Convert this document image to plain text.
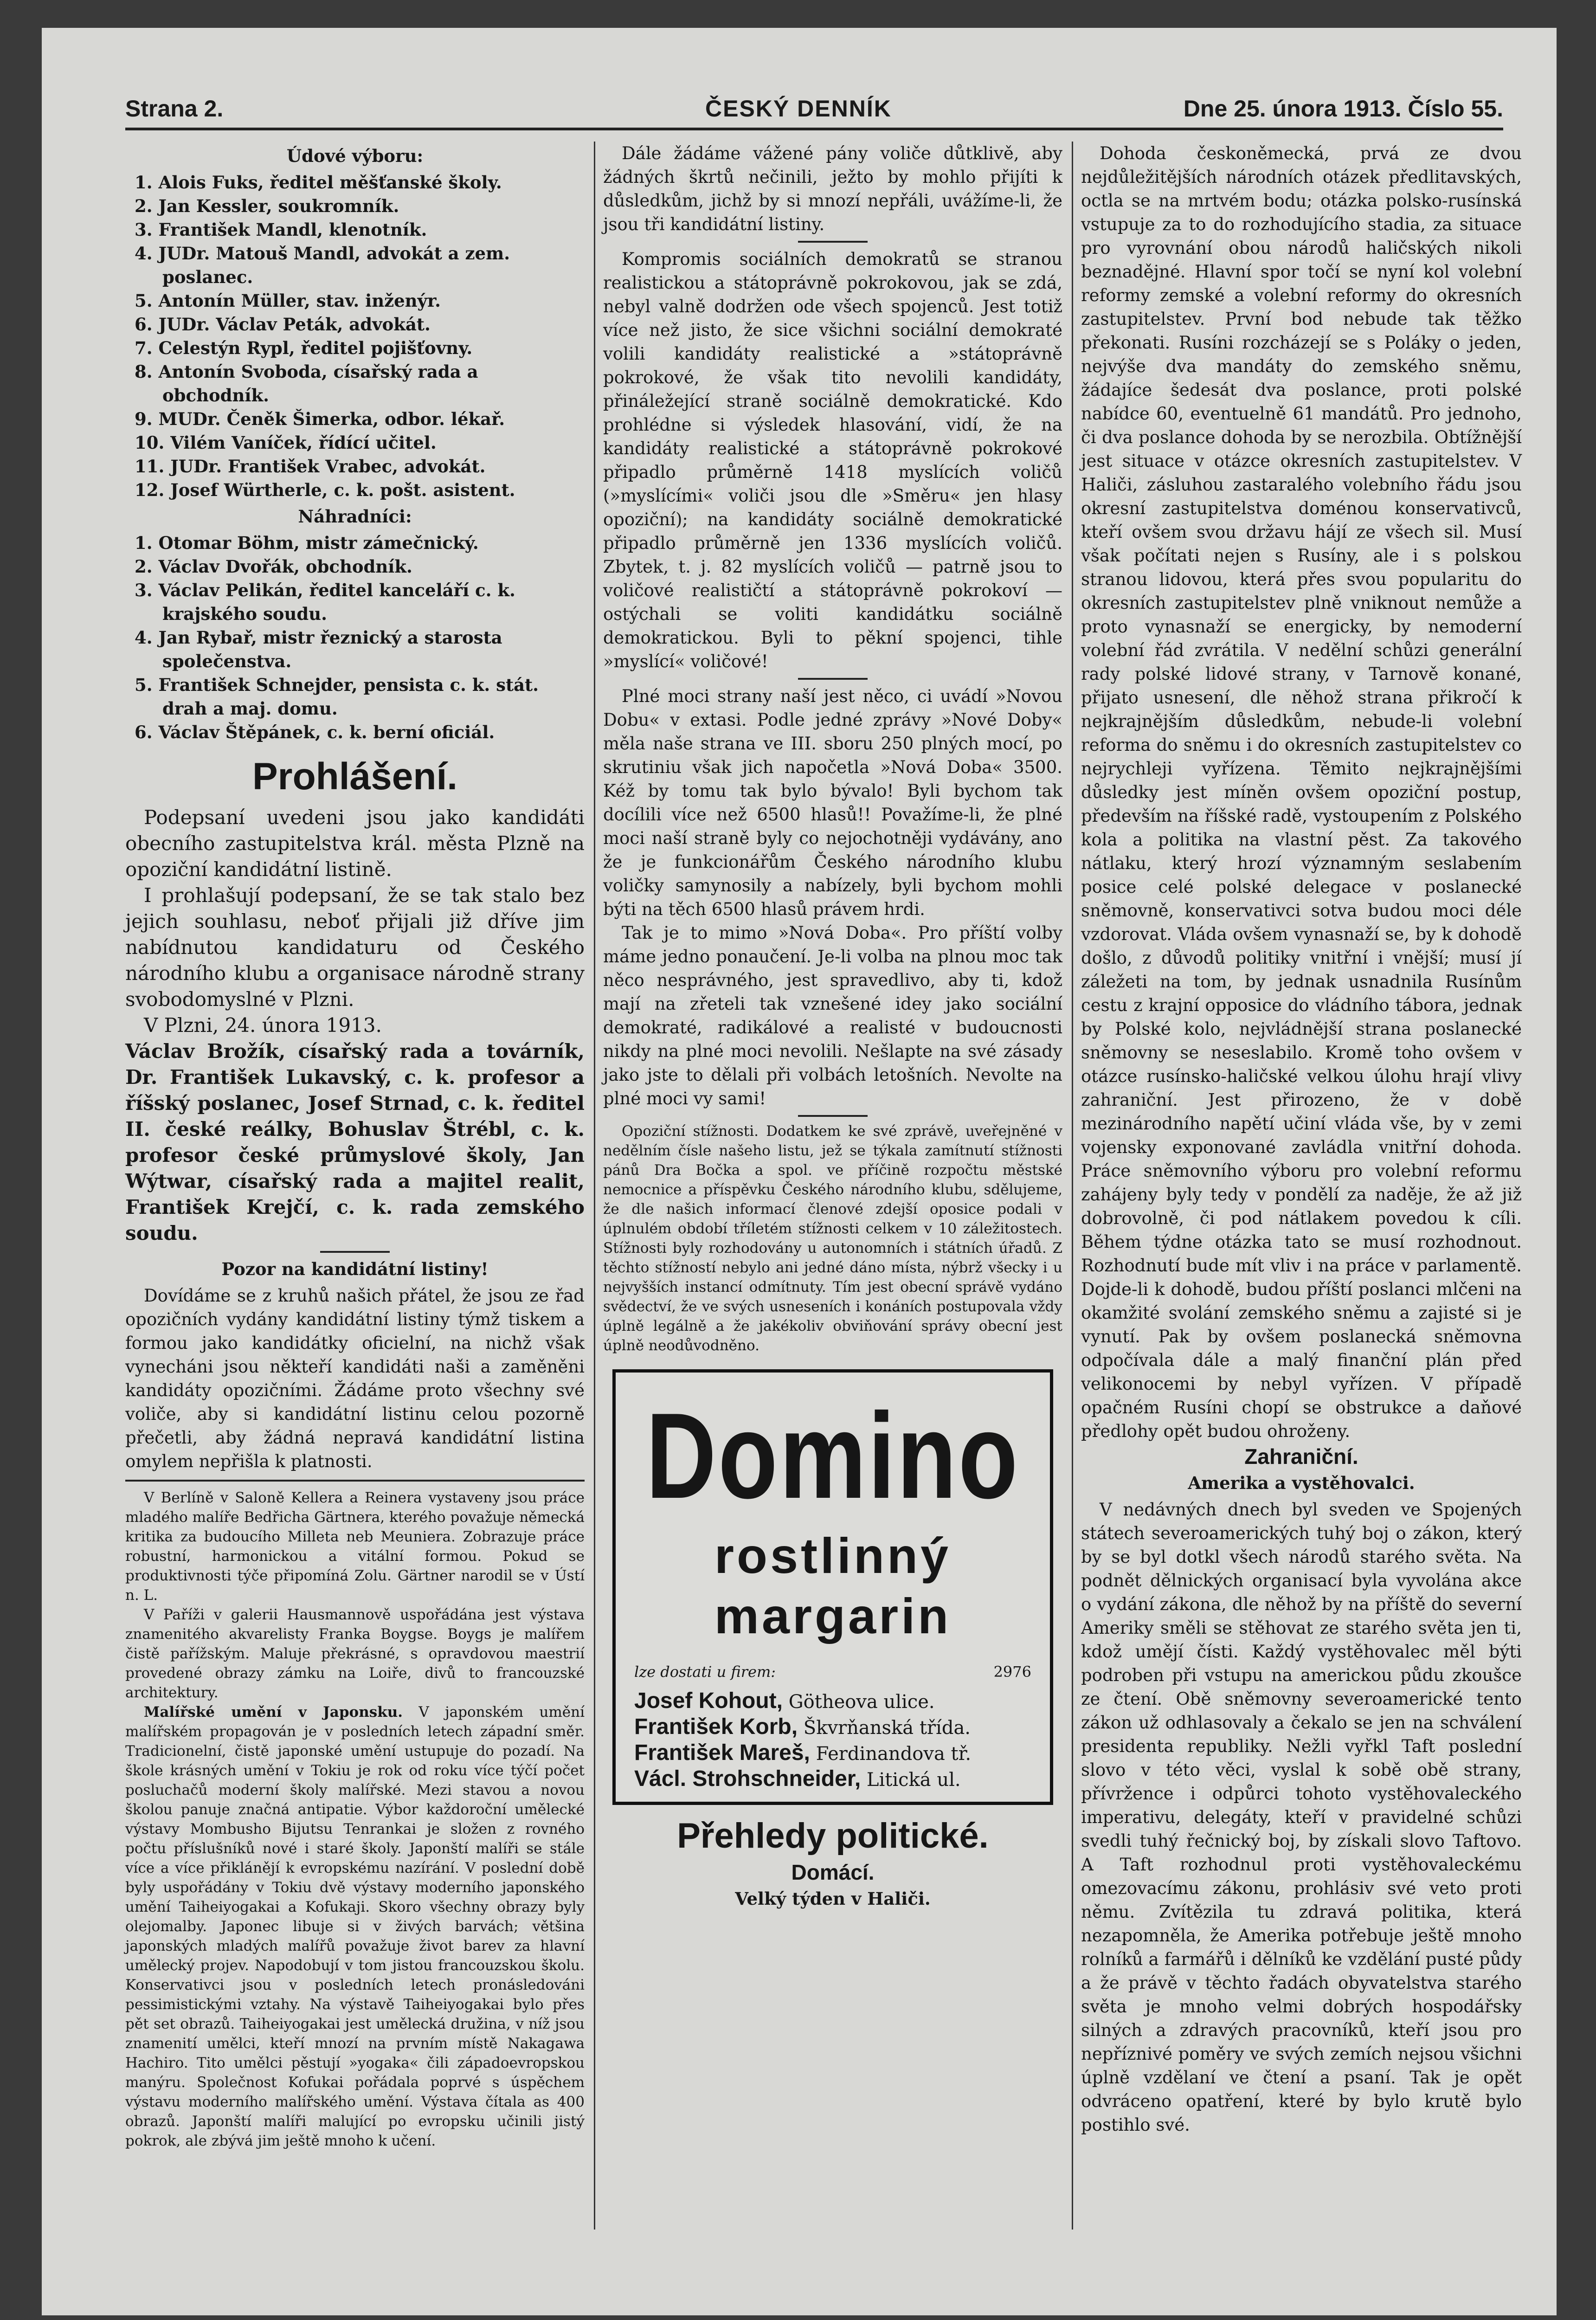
Strana 2.	ČESKÝ DENNÍK	Dne 25. února 1913. Číslo 55.

Údové výboru:

1. Alois Fuks, ředitel měšťanské školy.
2. Jan Kessler, soukromník.
3. František Mandl, klenotník.
4. JUDr. Matouš Mandl, advokát a zem. poslanec.
5. Antonín Müller, stav. inženýr.
6. JUDr. Václav Peták, advokát.
7. Celestýn Rypl, ředitel pojišťovny.
8. Antonín Svoboda, císařský rada a obchodník.
9. MUDr. Čeněk Šimerka, odbor. lékař.
10. Vilém Vaníček, řídící učitel.
11. JUDr. František Vrabec, advokát.
12. Josef Würtherle, c. k. pošt. asistent.

Náhradníci:

1. Otomar Böhm, mistr zámečnický.
2. Václav Dvořák, obchodník.
3. Václav Pelikán, ředitel kanceláří c. k. krajského soudu.
4. Jan Rybař, mistr řeznický a starosta společenstva.
5. František Schnejder, pensista c. k. stát. drah a maj. domu.
6. Václav Štěpánek, c. k. berní oficiál.
Prohlášení.

Podepsaní uvedeni jsou jako kandidáti obecního zastupitelstva král. města Plzně na opoziční kandidátní listině.

I prohlašují podepsaní, že se tak stalo bez jejich souhlasu, neboť přijali již dříve jim nabídnutou kandidaturu od Českého národního klubu a organisace národně strany svobodomyslné v Plzni.

V Plzni, 24. února 1913.

Václav Brožík, císařský rada a továrník, Dr. František Lukavský, c. k. profesor a říšský poslanec, Josef Strnad, c. k. ředitel II. české reálky, Bohuslav Štrébl, c. k. profesor české průmyslové školy, Jan Wýtwar, císařský rada a majitel realit, František Krejčí, c. k. rada zemského soudu.

Pozor na kandidátní listiny!

Dovídáme se z kruhů našich přátel, že jsou ze řad opozičních vydány kandidátní listiny týmž tiskem a formou jako kandidátky oficielní, na nichž však vynecháni jsou někteří kandidáti naši a zaměněni kandidáty opozičními. Žádáme proto všechny své voliče, aby si kandidátní listinu celou pozorně přečetli, aby žádná nepravá kandidátní listina omylem nepřišla k platnosti.

V Berlíně v Saloně Kellera a Reinera vystaveny jsou práce mladého malíře Bedřicha Gärtnera, kterého považuje německá kritika za budoucího Milleta neb Meuniera. Zobrazuje práce robustní, harmonickou a vitální formou. Pokud se produktivnosti týče připomíná Zolu. Gärtner narodil se v Ústí n. L.

V Paříži v galerii Hausmannově uspořádána jest výstava znamenitého akvarelisty Franka Boygse. Boygs je malířem čistě pařížským. Maluje překrásné, s opravdovou maestrií provedené obrazy zámku na Loiře, divů to francouzské architektury.

Malířské umění v Japonsku. V japonském umění malířském propagován je v posledních letech západní směr. Tradicionelní, čistě japonské umění ustupuje do pozadí. Na škole krásných umění v Tokiu je rok od roku více týčí počet posluchačů moderní školy malířské. Mezi stavou a novou školou panuje značná antipatie. Výbor každoroční umělecké výstavy Mombusho Bijutsu Tenrankai je složen z rovného počtu příslušníků nové i staré školy. Japonští malíři se stále více a více přiklánějí k evropskému nazírání. V poslední době byly uspořádány v Tokiu dvě výstavy moderního japonského umění Taiheiyogakai a Kofukaji. Skoro všechny obrazy byly olejomalby. Japonec libuje si v živých barvách; většina japonských mladých malířů považuje život barev za hlavní umělecký projev. Napodobují v tom jistou francouzskou školu. Konservativci jsou v posledních letech pronásledováni pessimistickými vztahy. Na výstavě Taiheiyogakai bylo přes pět set obrazů. Taiheiyogakai jest umělecká družina, v níž jsou znamenití umělci, kteří mnozí na prvním místě Nakagawa Hachiro. Tito umělci pěstují »yogaka« čili západoevropskou manýru. Společnost Kofukai pořádala poprvé s úspěchem výstavu moderního malířského umění. Výstava čítala as 400 obrazů. Japonští malíři malující po evropsku učinili jistý pokrok, ale zbývá jim ještě mnoho k učení.

Dále žádáme vážené pány voliče důtklivě, aby žádných škrtů nečinili, ježto by mohlo přijíti k důsledkům, jichž by si mnozí nepřáli, uvážíme-li, že jsou tři kandidátní listiny.

Kompromis sociálních demokratů se stranou realistickou a státoprávně pokrokovou, jak se zdá, nebyl valně dodržen ode všech spojenců. Jest totiž více než jisto, že sice všichni sociální demokraté volili kandidáty realistické a »státoprávně pokrokové, že však tito nevolili kandidáty, přináležející straně sociálně demokratické. Kdo prohlédne si výsledek hlasování, vidí, že na kandidáty realistické a státoprávně pokrokové připadlo průměrně 1418 myslících voličů (»myslícími« voliči jsou dle »Směru« jen hlasy opoziční); na kandidáty sociálně demokratické připadlo průměrně jen 1336 myslících voličů. Zbytek, t. j. 82 myslících voličů — patrně jsou to voličové realističtí a státoprávně pokrokoví — ostýchali se voliti kandidátku sociálně demokratickou. Byli to pěkní spojenci, tihle »myslící« voličové!

Plné moci strany naší jest něco, ci uvádí »Novou Dobu« v extasi. Podle jedné zprávy »Nové Doby« měla naše strana ve III. sboru 250 plných mocí, po skrutiniu však jich napočetla »Nová Doba« 3500. Kéž by tomu tak bylo bývalo! Byli bychom tak docílili více než 6500 hlasů!! Považíme-li, že plné moci naší straně byly co nejochotněji vydávány, ano že je funkcionářům Českého národního klubu voličky samynosily a nabízely, byli bychom mohli býti na těch 6500 hlasů právem hrdi.

Tak je to mimo »Nová Doba«. Pro příští volby máme jedno ponaučení. Je-li volba na plnou moc tak něco nesprávného, jest spravedlivo, aby ti, kdož mají na zřeteli tak vznešené idey jako sociální demokraté, radikálové a realisté v budoucnosti nikdy na plné moci nevolili. Nešlapte na své zásady jako jste to dělali při volbách letošních. Nevolte na plné moci vy sami!

Opoziční stížnosti. Dodatkem ke své zprávě, uveřejněné v nedělním čísle našeho listu, jež se týkala zamítnutí stížnosti pánů Dra Bočka a spol. ve příčině rozpočtu městské nemocnice a příspěvku Českého národního klubu, sdělujeme, že dle našich informací členové zdejší oposice podali v úplnulém období tříletém stížnosti celkem v 10 záležitostech. Stížnosti byly rozhodovány u autonomních i státních úřadů. Z těchto stížností nebylo ani jedné dáno místa, nýbrž všecky i u nejvyšších instancí odmítnuty. Tím jest obecní správě vydáno svědectví, že ve svých usneseních i konáních postupovala vždy úplně legálně a že jakékoliv obviňování správy obecní jest úplně neodůvodněno.

Domino
rostlinný margarin
lze dostati u firem:	2976
Josef Kohout, Götheova ulice.
František Korb, Škvrňanská třída.
František Mareš, Ferdinandova tř.
Václ. Strohschneider, Litická ul.
Přehledy politické.
Domácí.

Velký týden v Haliči.

Dohoda českoněmecká, prvá ze dvou nejdůležitějších národních otázek předlitavských, octla se na mrtvém bodu; otázka polsko-rusínská vstupuje za to do rozhodujícího stadia, za situace pro vyrovnání obou národů haličských nikoli beznadějné. Hlavní spor točí se nyní kol volební reformy zemské a volební reformy do okresních zastupitelstev. První bod nebude tak těžko překonati. Rusíni rozcházejí se s Poláky o jeden, nejvýše dva mandáty do zemského sněmu, žádajíce šedesát dva poslance, proti polské nabídce 60, eventuelně 61 mandátů. Pro jednoho, či dva poslance dohoda by se nerozbila. Obtížnější jest situace v otázce okresních zastupitelstev. V Haliči, zásluhou zastaralého volebního řádu jsou okresní zastupitelstva doménou konservativců, kteří ovšem svou državu hájí ze všech sil. Musí však počítati nejen s Rusíny, ale i s polskou stranou lidovou, která přes svou popularitu do okresních zastupitelstev plně vniknout nemůže a proto vynasnaží se energicky, by nemoderní volební řád zvrátila. V nedělní schůzi generální rady polské lidové strany, v Tarnově konané, přijato usnesení, dle něhož strana přikročí k nejkrajnějším důsledkům, nebude-li volební reforma do sněmu i do okresních zastupitelstev co nejrychleji vyřízena. Těmito nejkrajnějšími důsledky jest míněn ovšem opoziční postup, především na říšské radě, vystoupením z Polského kola a politika na vlastní pěst. Za takového nátlaku, který hrozí významným seslabením posice celé polské delegace v poslanecké sněmovně, konservativci sotva budou moci déle vzdorovat. Vláda ovšem vynasnaží se, by k dohodě došlo, z důvodů politiky vnitřní i vnější; musí jí záležeti na tom, by jednak usnadnila Rusínům cestu z krajní opposice do vládního tábora, jednak by Polské kolo, nejvládnější strana poslanecké sněmovny se neseslabilo. Kromě toho ovšem v otázce rusínsko-haličské velkou úlohu hrají vlivy zahraniční. Jest přirozeno, že v době mezinárodního napětí učiní vláda vše, by v zemi vojensky exponované zavládla vnitřní dohoda. Práce sněmovního výboru pro volební reformu zahájeny byly tedy v pondělí za naděje, že až již dobrovolně, či pod nátlakem povedou k cíli. Během týdne otázka tato se musí rozhodnout. Rozhodnutí bude mít vliv i na práce v parlamentě. Dojde-li k dohodě, budou příští poslanci mlčeni na okamžité svolání zemského sněmu a zajisté si je vynutí. Pak by ovšem poslanecká sněmovna odpočívala dále a malý finanční plán před velikonocemi by nebyl vyřízen. V případě opačném Rusíni chopí se obstrukce a daňové předlohy opět budou ohroženy.

Zahraniční.

Amerika a vystěhovalci.

V nedávných dnech byl sveden ve Spojených státech severoamerických tuhý boj o zákon, který by se byl dotkl všech národů starého světa. Na podnět dělnických organisací byla vyvolána akce o vydání zákona, dle něhož by na příště do severní Ameriky směli se stěhovat ze starého světa jen ti, kdož umějí čísti. Každý vystěhovalec měl býti podroben při vstupu na americkou půdu zkoušce ze čtení. Obě sněmovny severoamerické tento zákon už odhlasovaly a čekalo se jen na schválení presidenta republiky. Nežli vyřkl Taft poslední slovo v této věci, vyslal k sobě obě strany, přívržence i odpůrci tohoto vystěhovaleckého imperativu, delegáty, kteří v pravidelné schůzi svedli tuhý řečnický boj, by získali slovo Taftovo. A Taft rozhodnul proti vystěhovaleckému omezovacímu zákonu, prohlásiv své veto proti němu. Zvítězila tu zdravá politika, která nezapomněla, že Amerika potřebuje ještě mnoho rolníků a farmářů i dělníků ke vzdělání pusté půdy a že právě v těchto řadách obyvatelstva starého světa je mnoho velmi dobrých hospodářsky silných a zdravých pracovníků, kteří jsou pro nepříznivé poměry ve svých zemích nejsou všichni úplně vzdělaní ve čtení a psaní. Tak je opět odvráceno opatření, které by bylo krutě bylo postihlo své.
